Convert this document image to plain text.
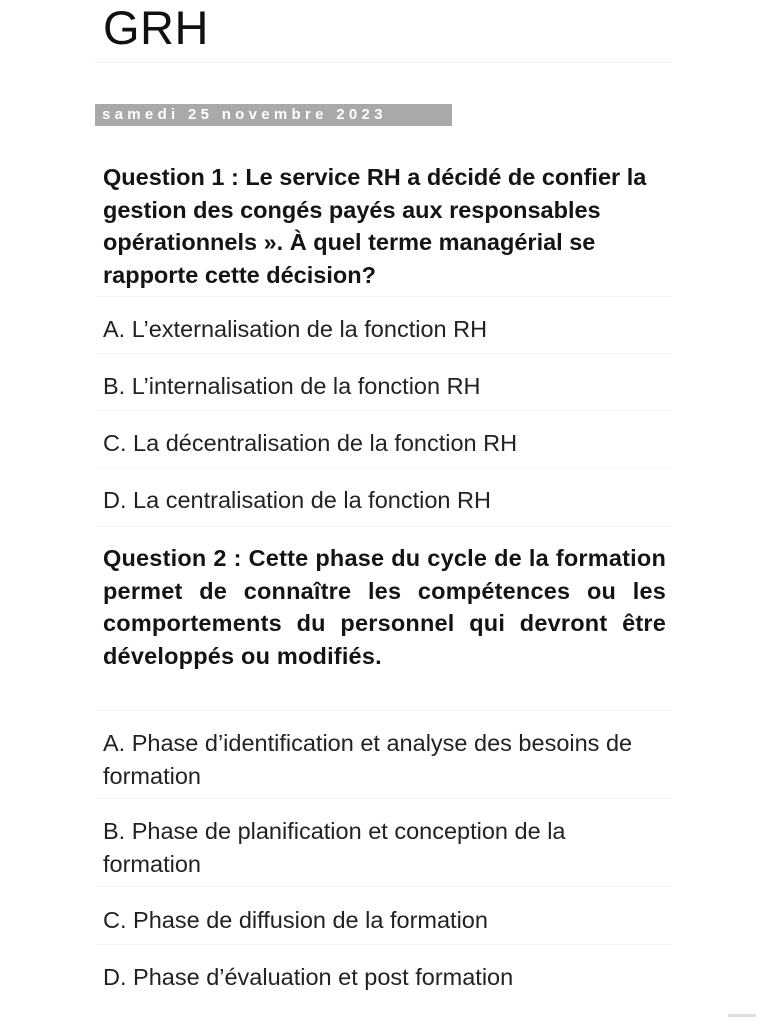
GRH
samedi 25 novembre 2023

Question 1 : Le service RH a décidé de confier la gestion des congés payés aux responsables opérationnels ». À quel terme managérial se rapporte cette décision?

A. L’externalisation de la fonction RH

B. L’internalisation de la fonction RH

C. La décentralisation de la fonction RH

D. La centralisation de la fonction RH

Question 2 : Cette phase du cycle de la formation permet de connaître les compétences ou les comportements du personnel qui devront être développés ou modifiés.

A. Phase d’identification et analyse des besoins de formation

B. Phase de planification et conception de la formation

C. Phase de diffusion de la formation

D. Phase d’évaluation et post formation
